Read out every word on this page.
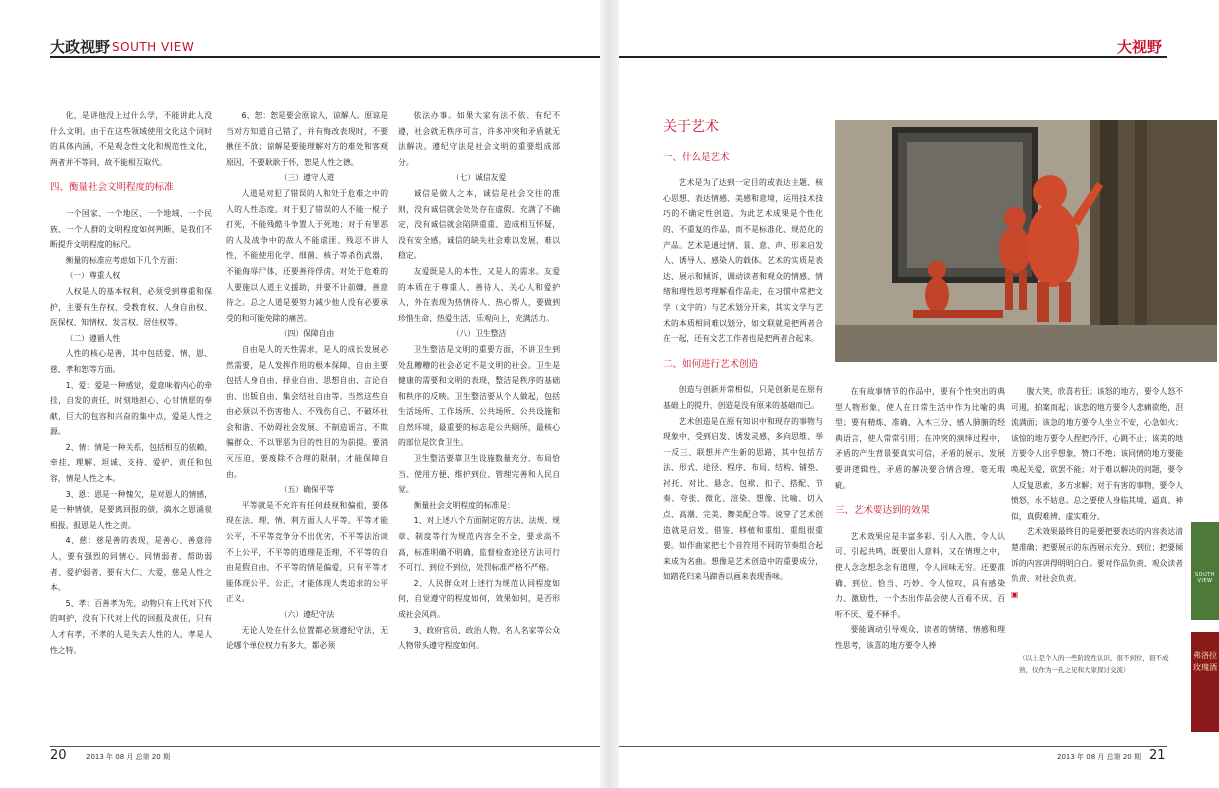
大政视野 SOUTH VIEW

化，是讲他没上过什么学，不能讲此人没什么文明。由于在这些领域使用文化这个词时的具体内涵，不是观念性文化和规范性文化，两者并不等同，故不能相互取代。

四、衡量社会文明程度的标准

一个国家、一个地区、一个地域、一个民族、一个人群的文明程度如何判断，是我们不断提升文明程度的标尺。

衡量的标准应考虑如下几个方面：

（一）尊重人权

人权是人的基本权利，必须受到尊重和保护，主要有生存权、受教育权、人身自由权、医保权、知情权、发言权、居住权等。

（二）遵循人性

人性的核心是善，其中包括爱、情、恩、慈、孝和恕等方面。

1、爱：爱是一种感觉，爱意味着内心的牵挂，自发的责任，时刻地担心、心甘情愿的奉献，巨大的包容和兴奋的集中点，爱是人性之源。

2、情：情是一种关系，包括相互的依赖、牵挂、理解、坦诚、支持、爱护、责任和包容，情是人性之本。

3、恩：恩是一种愧欠，是对恩人的情感，是一种情债，是要离回报的债，滴水之恩涌泉相报。报恩是人性之责。

4、慈：慈是善的表现，是善心、善意待人，要有强烈的同情心、同情弱者、帮助弱者、爱护弱者、要有大仁、大爱，慈是人性之本。

5、孝：百善孝为先，动物只有上代对下代的呵护，没有下代对上代的回报及责任，只有人才有孝，不孝的人是失去人性的人，孝是人性之特。

6、恕：恕是要会原谅人，谅解人。原谅是当对方知道自己错了，并有悔改表现时，不要揪住不放；谅解是要能理解对方的难处和客观原因，不要耿耿于怀，恕是人性之德。

（三）遵守人道

人道是对犯了错误的人和处于危难之中的人的人性态度。对于犯了错误的人不能一棍子打死，不能残酷斗争置人于死地；对于有罪恶的人及战争中的敌人不能虐匪、残忍不讲人性，不能使用化学、细菌、核子等杀伤武器，不能侮辱尸体，还要善待俘虏。对处于危难的人要施以人道主义援助，并要不计前嫌，善意待之。总之人道是要努力减少他人没有必要承受的和可能免除的痛苦。

（四）保障自由

自由是人的天性需求，是人的成长发展必然需要，是人发挥作用的根本保障，自由主要包括人身自由、择业自由、思想自由、言论自由、出版自由、集会结社自由等。当然这些自由必须以不伤害他人、不残伤自己、不破坏社会和谐、不妨碍社会发展、不制造谣言、不欺骗群众、不以罪恶为目的性目的为前提。要消灭压迫，要废除不合理的限制，才能保障自由。

（五）确保平等

平等就是不允许有任何歧视和偏祖，要体现在法、理、情、利方面人人平等。平等才能公平，不平等竞争分不出优劣，不平等法治谈不上公平，不平等的道理是歪理，不平等的自由是假自由，不平等的情是偏爱，只有平等才能体现公平、公正，才能体现人类追求的公平正义。

（六）遵纪守法

无论人处在什么位置都必须遵纪守法，无论哪个单位权力有多大，都必须

依法办事。如果大家有法不依、有纪不遵，社会就无秩序可言，许多冲突和矛盾就无法解决。遵纪守法是社会文明的重要组成部分。

（七）诚信友爱

诚信是做人之本，诚信是社会交往的准则，没有诚信就会处处存在虚假、充满了不确定，没有诚信就会陷阱重重、造成相互怀疑，没有安全感，诚信的缺失社会难以发展，难以稳定。

友爱既是人的本性，又是人的需求。友爱的本质在于尊重人、善待人、关心人和爱护人，外在表现为热情待人、热心帮人，要做到珍惜生命、热爱生活，乐观向上，充满活力。

（八）卫生整洁

卫生整洁是文明的重要方面，不讲卫生到处乱糟糟的社会必定不是文明的社会。卫生是健康的需要和文明的表现，整洁是秩序的基础和秩序的反映。卫生整洁要从个人做起，包括生活场所、工作场所、公共场所、公共设施和自然环境，最重要的标志是公共厕所，最核心的部位是饮食卫生。

卫生整洁要靠卫生设施数量充分、布局恰当、使用方便、维护到位、管理完善和人民自觉。

衡量社会文明程度的标准是：

1、对上述八个方面制定的方法、法规、规章、制度等行为规范内容全不全，要求高不高，标准明确不明确，监督检查途径方法可行不可行、到位不到位，处罚标准严格不严格。

2、人民群众对上述行为规范认同程度如何，自觉遵守的程度如何，效果如何，是否形成社会风尚。

3、政府官员、政治人物、名人名家等公众人物带头遵守程度如何。

20	2013 年 08 月 总第 20 期
大视野
关于艺术
一、什么是艺术

艺术是为了达到一定目的或表达主题、核心思想、表达情感、美感和意境，运用技术技巧的不确定性创造。为此艺术成果是个性化的、不重复的作品，而不是标准化、规范化的产品。艺术是通过情、景、意、声、形来启发人、诱导人、感染人的载体。艺术的实质是表达、展示和倾诉，调动读者和观众的情感、情绪和理性思考理解看作品走，在习惯中常把文学（文字的）与艺术划分开来，其实文学与艺术的本质相同难以划分，如文联就是把两者合在一起，还有文艺工作者也是把两者合起来。

二、如何进行艺术创造

创造与创新并常相似，只是创新是在原有基础上的提升，创造是没有原来的基础而已。

艺术创造是在原有知识中和现存的事物与现象中，受到启发、诱发灵感，多向思维、举一反三、联想并产生新的思路，其中包括方法、形式、途径、程序、布局、结构、铺垫、衬托、对比、悬念、包袱、扣子、搭配、节奏、夸张、微化、渲染、想像、比喻、切入点、高潮、完美、舞美配合等。说穿了艺术创造就是启发、借鉴、移植和重组、重组很重要。如作曲家把七个音符用不同的节奏组合起来成为名曲。想像是艺术创造中的重要成分，如踏花归来马蹄香以画来表现香味。

在有故事情节的作品中，要有个性突出的典型人物形象，使人在日常生活中作为比喻的典型；要有精炼、准确、入木三分、感人肺腑的经典语言，使人常常引用；在冲突的演绎过程中，矛盾的产生背景要真实可信，矛盾的展示、发展要讲逻辑性，矛盾的解决要合情合理，毫无瑕疵。

三、艺术要达到的效果

艺术效果应是丰富多彩、引人入胜、令人认可、引起共鸣，既要出人意料，又在情理之中，使人念念想念念有道理，令人回味无穷。还要准确、到位、恰当、巧妙、令人惊叹，具有感染力、激励性，一个杰出作品会使人百看不厌、百听不厌、爱不释手。

要能调动引导观众、读者的情绪、情感和理性思考，该喜的地方要令人捧

腹大笑，欣喜若狂；该怒的地方，要令人怒不可遏，拍案而起；该悲的地方要令人悲痛欲绝，泪流满面；该急的地方要令人坐立不安，心急如火；该惊的地方要令人捏把冷汗，心跳不止；该美的地方要令人出乎想象，赞口不绝；该同情的地方要能唤起关爱，欲罢不能；对于难以解决的问题，要令人反复思索，多方求解；对于有害的事物，要令人愤怒，永不姑息。总之要使人身临其境、逼真、神似，真假难辨、虚实难分。

艺术效果最终目的是要把要表达的内容表达清楚准确；把要展示的东西展示充分、到位；把要倾诉的内容讲得明明白白。要对作品负责、观众读者负责、对社会负责。

▣
（以上是个人的一些阶段性认识，很不到位，很不成熟，仅作为一孔之见和大家探讨交流）
SOUTH VIEW
弗洛拉玫瑰酒
2013 年 08 月 总第 20 期 21
